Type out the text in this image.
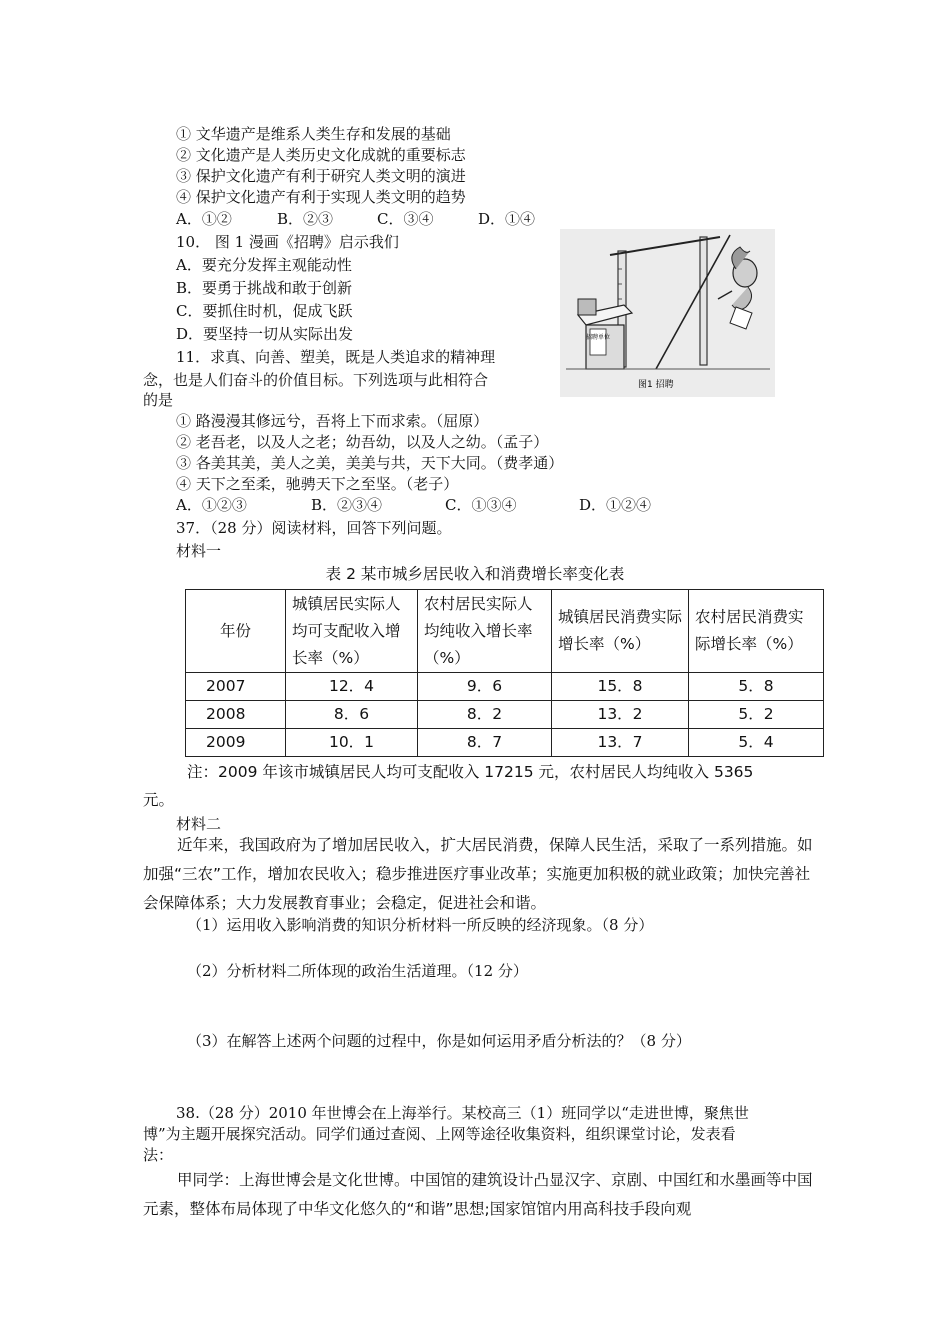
① 文华遗产是维系人类生存和发展的基础
② 文化遗产是人类历史文化成就的重要标志
③ 保护文化遗产有利于研究人类文明的演进
④ 保护文化遗产有利于实现人类文明的趋势
A．①②	B．②③	C．③④	D．①④
10． 图 1 漫画《招聘》启示我们
A．要充分发挥主观能动性
B．要勇于挑战和敢于创新
C．要抓住时机，促成飞跃
D．要坚持一切从实际出发	招聘单位
图1 招聘
11．求真、向善、塑美，既是人类追求的精神理
念，也是人们奋斗的价值目标。下列选项与此相符合
的是
① 路漫漫其修远兮，吾将上下而求索。（屈原）
② 老吾老，以及人之老；幼吾幼，以及人之幼。（孟子）
③ 各美其美，美人之美，美美与共，天下大同。（费孝通）
④ 天下之至柔，驰骋天下之至坚。（老子）
A．①②③	B．②③④	C．①③④	D．①②④
37．（28 分）阅读材料，回答下列问题。
材料一
表 2 某市城乡居民收入和消费增长率变化表
年份	城镇居民实际人均可支配收入增长率（%）	农村居民实际人均纯收入增长率（%）	城镇居民消费实际增长率（%）	农村居民消费实际增长率（%）
2007	12．4	9．6	15．8	5．8
2008	8．6	8．2	13．2	5．2
2009	10．1	8．7	13．7	5．4
注：2009 年该市城镇居民人均可支配收入 17215 元，农村居民人均纯收入 5365
元。
材料二
近年来，我国政府为了增加居民收入，扩大居民消费，保障人民生活，采取了一系列措施。如加强“三农”工作，增加农民收入；稳步推进医疗事业改革；实施更加积极的就业政策；加快完善社会保障体系；大力发展教育事业；会稳定，促进社会和谐。
（1）运用收入影响消费的知识分析材料一所反映的经济现象。（8 分）
（2）分析材料二所体现的政治生活道理。（12 分）
（3）在解答上述两个问题的过程中，你是如何运用矛盾分析法的？（8 分）
38.（28 分）2010 年世博会在上海举行。某校高三（1）班同学以“走进世博，聚焦世
博”为主题开展探究活动。同学们通过查阅、上网等途径收集资料，组织课堂讨论，发表看
法：
甲同学：上海世博会是文化世博。中国馆的建筑设计凸显汉字、京剧、中国红和水墨画等中国元素，整体布局体现了中华文化悠久的“和谐”思想;国家馆馆内用高科技手段向观
